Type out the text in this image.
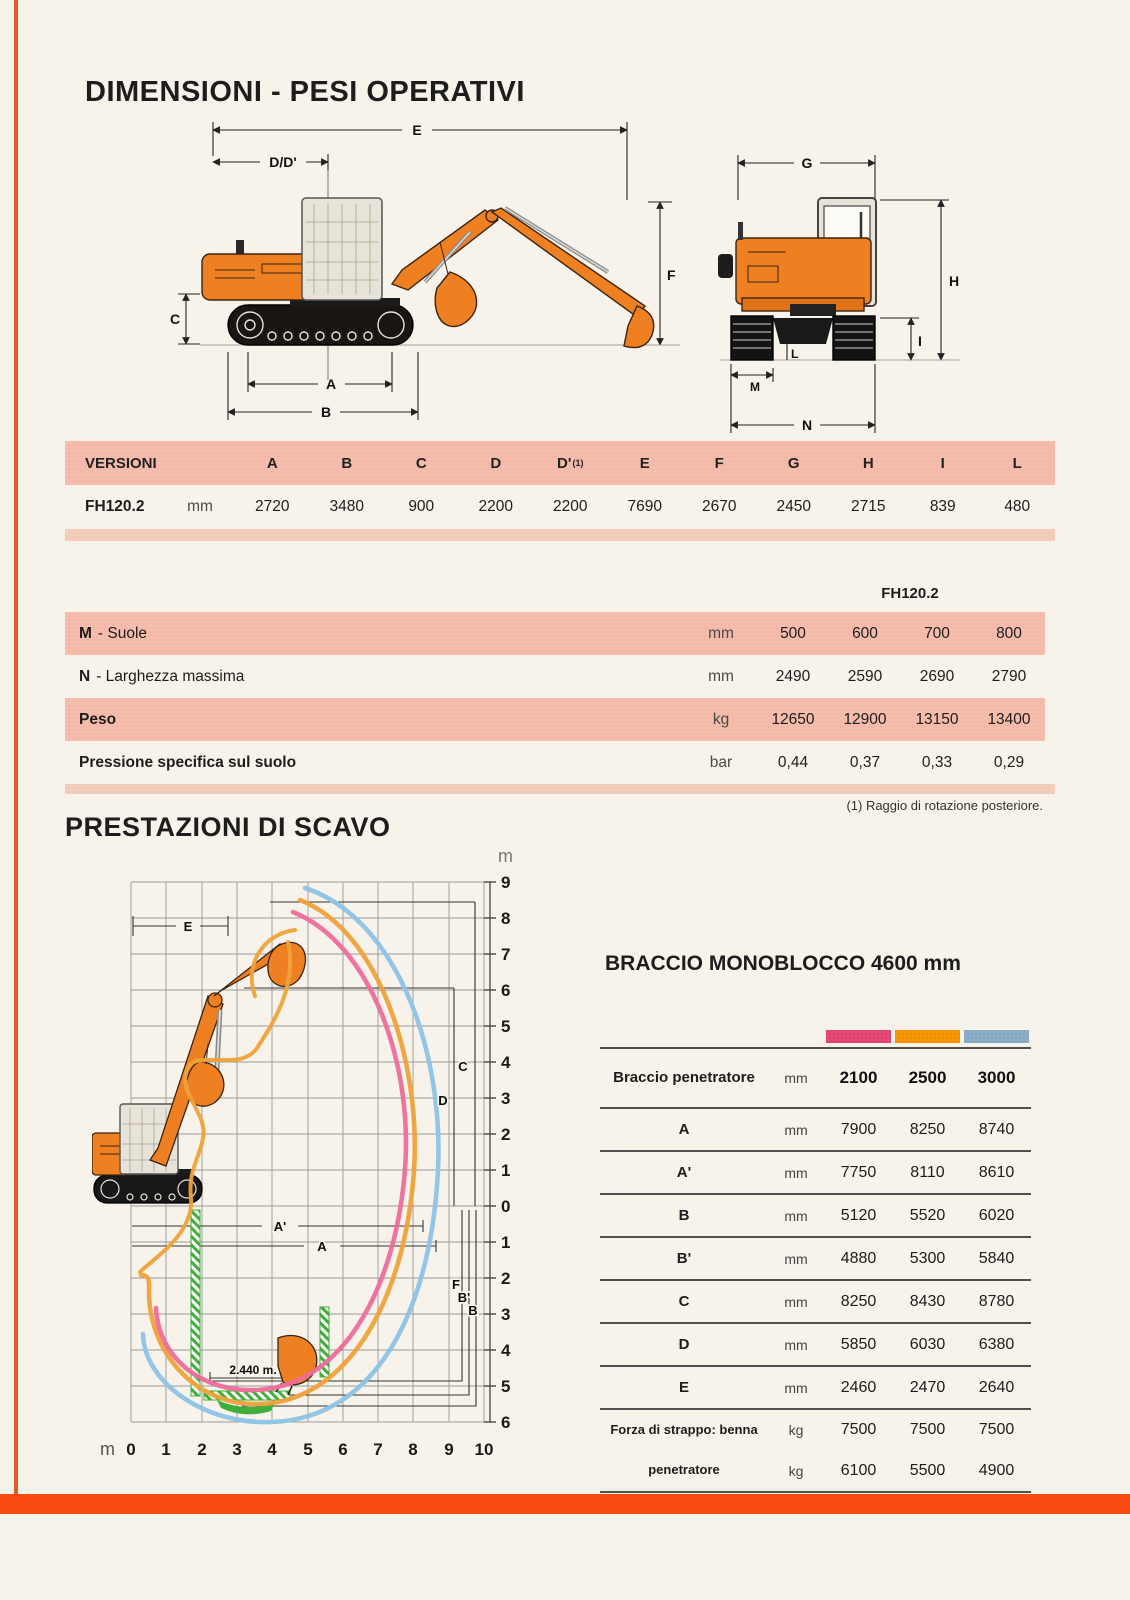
DIMENSIONI - PESI OPERATIVI
E
D/D'
F
C
A
B
G
H
I
L
M
N
VERSIONI	A	B	C	D	D' (1)	E	F	G	H	I	L
FH120.2	mm	2720	3480	900	2200	2200	7690	2670	2450	2715	839	480
FH120.2
M - Suole	mm	500	600	700	800
N - Larghezza massima	mm	2490	2590	2690	2790
Peso	kg	12650	12900	13150	13400
Pressione specifica sul suolo	bar	0,44	0,37	0,33	0,29
(1) Raggio di rotazione posteriore.
PRESTAZIONI DI SCAVO
m
9
8
7
6
5
4
3
2
1
0
1
2
3
4
5
6
m 0 1 2 3 4 5 6 7 8 9 10
E
C
D
A'
A
F
B'
B
2.440 m.
BRACCIO MONOBLOCCO 4600 mm
Braccio penetratore	mm	2100	2500	3000
A	mm	7900	8250	8740
A'	mm	7750	8110	8610
B	mm	5120	5520	6020
B'	mm	4880	5300	5840
C	mm	8250	8430	8780
D	mm	5850	6030	6380
E	mm	2460	2470	2640
Forza di strappo: benna	kg	7500	7500	7500
penetratore	kg	6100	5500	4900
